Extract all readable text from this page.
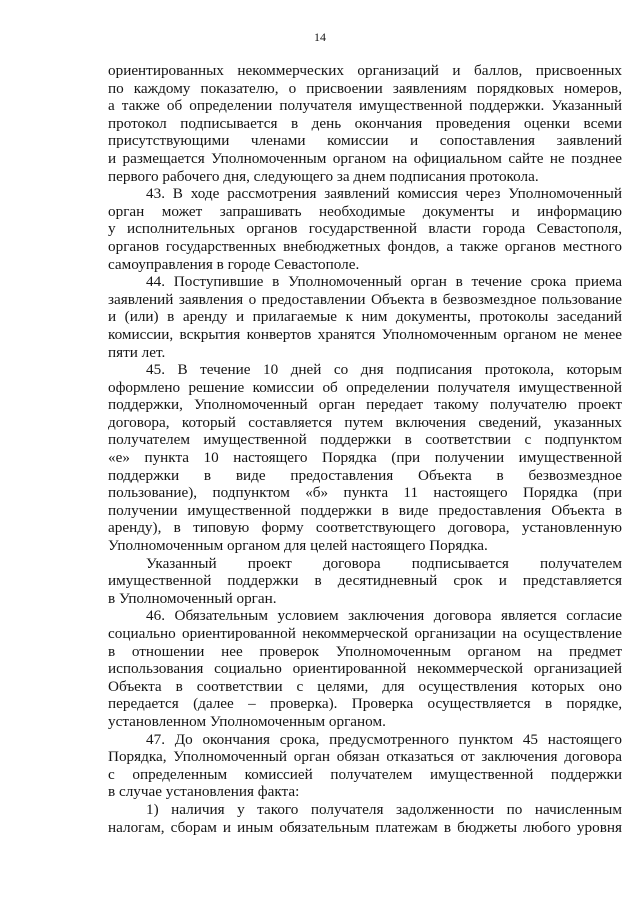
14
ориентированных некоммерческих организаций и баллов, присвоенных
по каждому показателю, о присвоении заявлениям порядковых номеров,
а также об определении получателя имущественной поддержки. Указанный
протокол подписывается в день окончания проведения оценки всеми
присутствующими членами комиссии и сопоставления заявлений
и размещается Уполномоченным органом на официальном сайте не позднее
первого рабочего дня, следующего за днем подписания протокола.
43. В ходе рассмотрения заявлений комиссия через Уполномоченный
орган может запрашивать необходимые документы и информацию
у исполнительных органов государственной власти города Севастополя,
органов государственных внебюджетных фондов, а также органов местного
самоуправления в городе Севастополе.
44. Поступившие в Уполномоченный орган в течение срока приема
заявлений заявления о предоставлении Объекта в безвозмездное пользование
и (или) в аренду и прилагаемые к ним документы, протоколы заседаний
комиссии, вскрытия конвертов хранятся Уполномоченным органом не менее
пяти лет.
45. В течение 10 дней со дня подписания протокола, которым
оформлено решение комиссии об определении получателя имущественной
поддержки, Уполномоченный орган передает такому получателю проект
договора, который составляется путем включения сведений, указанных
получателем имущественной поддержки в соответствии с подпунктом
«е» пункта 10 настоящего Порядка (при получении имущественной
поддержки в виде предоставления Объекта в безвозмездное
пользование), подпунктом «б» пункта 11 настоящего Порядка (при
получении имущественной поддержки в виде предоставления Объекта в
аренду), в типовую форму соответствующего договора, установленную
Уполномоченным органом для целей настоящего Порядка.
Указанный проект договора подписывается получателем
имущественной поддержки в десятидневный срок и представляется
в Уполномоченный орган.
46. Обязательным условием заключения договора является согласие
социально ориентированной некоммерческой организации на осуществление
в отношении нее проверок Уполномоченным органом на предмет
использования социально ориентированной некоммерческой организацией
Объекта в соответствии с целями, для осуществления которых оно
передается (далее – проверка). Проверка осуществляется в порядке,
установленном Уполномоченным органом.
47. До окончания срока, предусмотренного пунктом 45 настоящего
Порядка, Уполномоченный орган обязан отказаться от заключения договора
с определенным комиссией получателем имущественной поддержки
в случае установления факта:
1) наличия у такого получателя задолженности по начисленным
налогам, сборам и иным обязательным платежам в бюджеты любого уровня
